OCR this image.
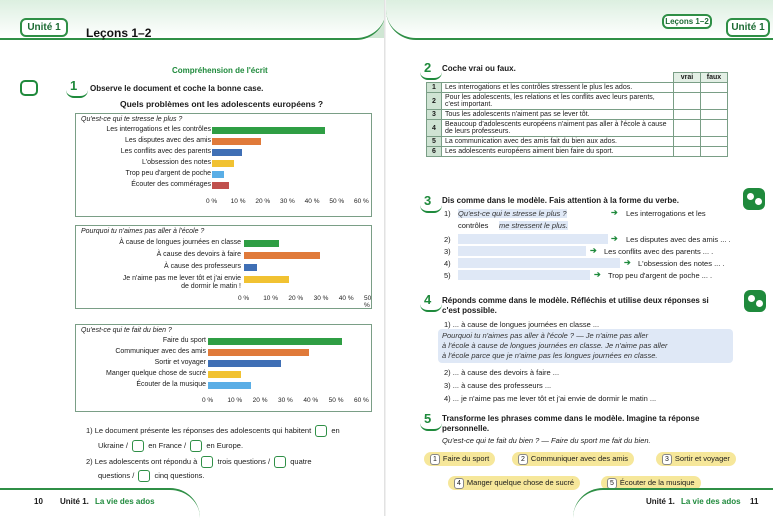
Unité 1	Leçons 1–2
Compréhension de l'écrit
1 Observe le document et coche la bonne case.
Quels problèmes ont les adolescents européens ?
Qu'est-ce qui te stresse le plus ?
Les interrogations et les contrôles
Les disputes avec des amis
Les conflits avec des parents
L'obsession des notes
Trop peu d'argent de poche
Écouter des commérages
0 % 10 % 20 % 30 % 40 % 50 % 60 %
Pourquoi tu n'aimes pas aller à l'école ?
À cause de longues journées en classe
À cause des devoirs à faire
À cause des professeurs
Je n'aime pas me lever tôt et j'ai envie de dormir le matin !
0 % 10 % 20 % 30 % 40 % 50 %
Qu'est-ce qui te fait du bien ?
Faire du sport
Communiquer avec des amis
Sortir et voyager
Manger quelque chose de sucré
Écouter de la musique
0 % 10 % 20 % 30 % 40 % 50 % 60 %
1) Le document présente les réponses des adolescents qui habitent	en
Ukraine /	en France /	en Europe.
2) Les adolescents ont répondu à	trois questions /	quatre
questions /	cinq questions.
10 Unité 1. La vie des ados
Leçons 1–2
Unité 1
2 Coche vrai ou faux.
		vrai	faux
1	Les interrogations et les contrôles stressent le plus les ados.		
2	Pour les adolescents, les relations et les conflits avec leurs parents, c'est important.		
3	Tous les adolescents n'aiment pas se lever tôt.		
4	Beaucoup d'adolescents européens n'aiment pas aller à l'école à cause de leurs professeurs.		
5	La communication avec des amis fait du bien aux ados.		
6	Les adolescents européens aiment bien faire du sport.		
3 Dis comme dans le modèle. Fais attention à la forme du verbe.
1) Qu'est-ce qui te stresse le plus ?	➔ Les interrogations et les
contrôles me stressent le plus.
2)	➔ Les disputes avec des amis ... .
3)	➔ Les conflits avec des parents ... .
4)	➔ L'obsession des notes ... .
5)	➔ Trop peu d'argent de poche ... .
4 Réponds comme dans le modèle. Réfléchis et utilise deux réponses si
c'est possible.
1) ... à cause de longues journées en classe ...
Pourquoi tu n'aimes pas aller à l'école ? — Je n'aime pas aller
à l'école à cause de longues journées en classe. Je n'aime pas aller
à l'école parce que je n'aime pas les longues journées en classe.
2) ... à cause des devoirs à faire ...
3) ... à cause des professeurs ...
4) ... je n'aime pas me lever tôt et j'ai envie de dormir le matin ...
5 Transforme les phrases comme dans le modèle. Imagine ta réponse
personnelle.
Qu'est-ce qui te fait du bien ? — Faire du sport me fait du bien.
1 Faire du sport	2 Communiquer avec des amis	3 Sortir et voyager
4 Manger quelque chose de sucré	5 Écouter de la musique
Unité 1. La vie des ados 11
